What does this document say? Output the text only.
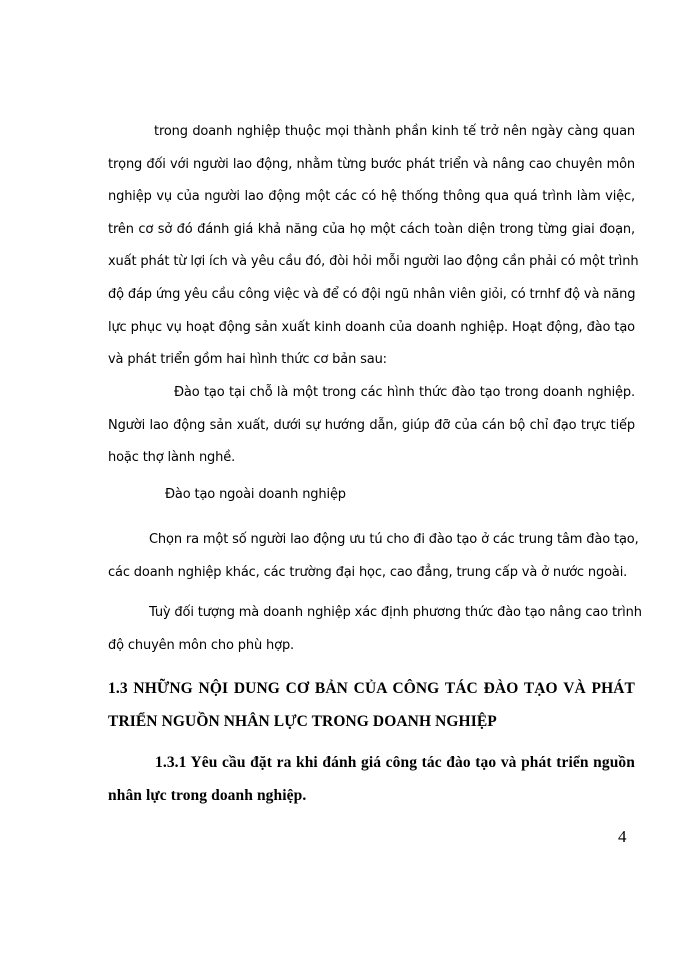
trong doanh nghiệp thuộc mọi thành phần kinh tế trở nên ngày càng quan
trọng đối với người lao động, nhằm từng bước phát triển và nâng cao chuyên môn
nghiệp vụ của người lao động một các có hệ thống thông qua quá trình làm việc,
trên cơ sở đó đánh giá khả năng của họ một cách toàn diện trong từng giai đoạn,
xuất phát từ lợi ích và yêu cầu đó, đòi hỏi mỗi người lao động cần phải có một trình
độ đáp ứng yêu cầu công việc và để có đội ngũ nhân viên giỏi, có trnhf độ và năng
lực phục vụ hoạt động sản xuất kinh doanh của doanh nghiệp. Hoạt động, đào tạo
và phát triển gồm hai hình thức cơ bản sau:
Đào tạo tại chỗ là một trong các hình thức đào tạo trong doanh nghiệp.
Người lao động sản xuất, dưới sự hướng dẫn, giúp đỡ của cán bộ chỉ đạo trực tiếp
hoặc thợ lành nghề.
Đào tạo ngoài doanh nghiệp
Chọn ra một số người lao động ưu tú cho đi đào tạo ở các trung tâm đào tạo,
các doanh nghiệp khác, các trường đại học, cao đẳng, trung cấp và ở nước ngoài.
Tuỳ đối tượng mà doanh nghiệp xác định phương thức đào tạo nâng cao trình
độ chuyên môn cho phù hợp.
1.3 NHỮNG NỘI DUNG CƠ BẢN CỦA CÔNG TÁC ĐÀO TẠO VÀ PHÁT
TRIỂN NGUỒN NHÂN LỰC TRONG DOANH NGHIỆP
1.3.1 Yêu cầu đặt ra khi đánh giá công tác đào tạo và phát triển nguồn
nhân lực trong doanh nghiệp.
4
